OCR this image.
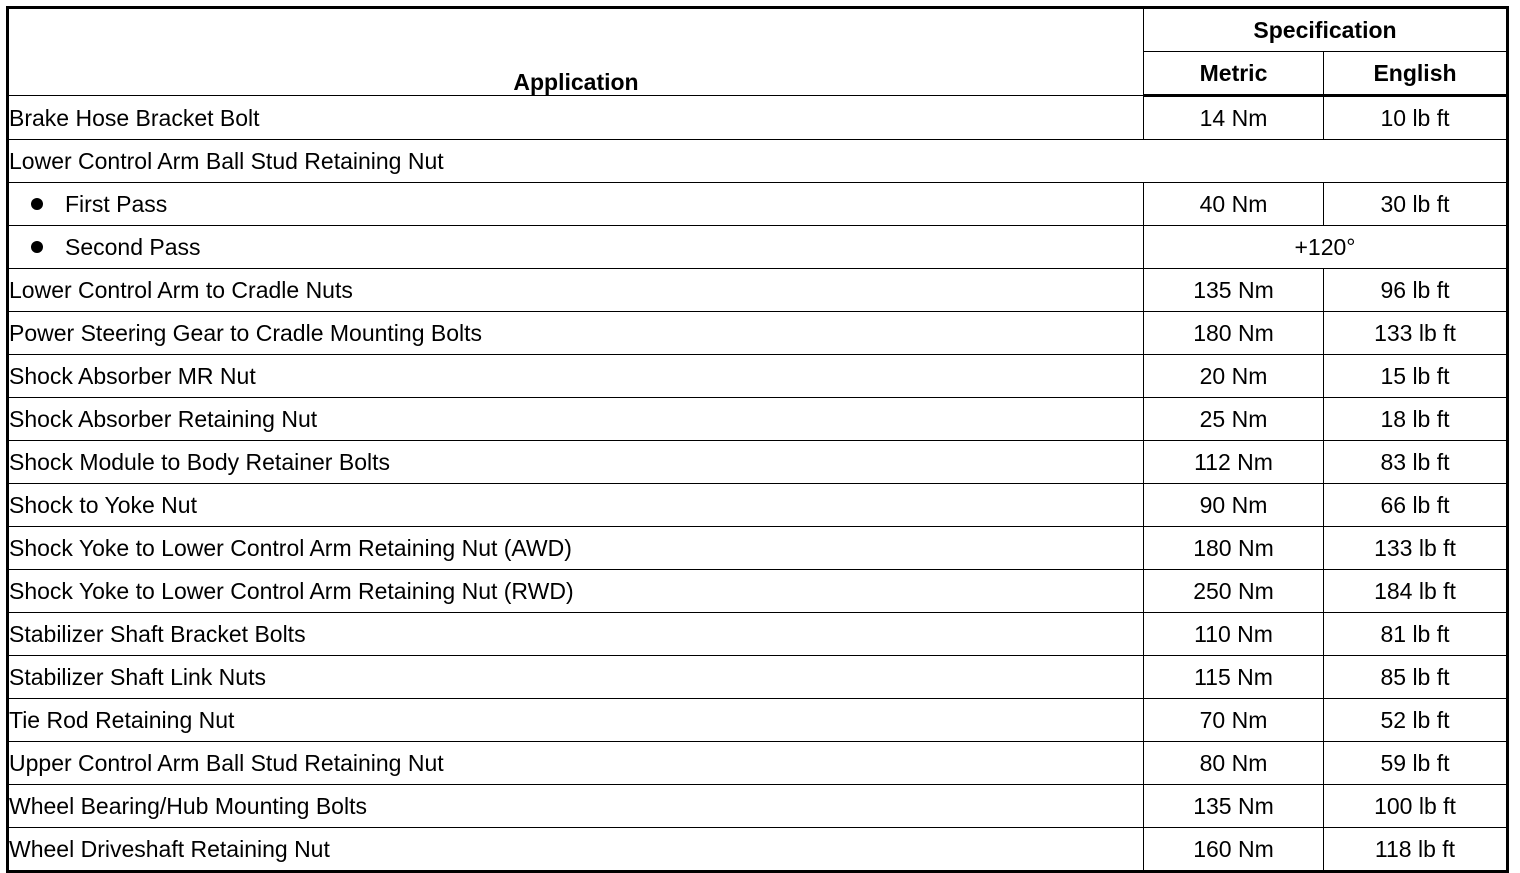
Application	Specification	
	Metric	English
Brake Hose Bracket Bolt	14 Nm	10 lb ft
Lower Control Arm Ball Stud Retaining Nut		
First Pass	40 Nm	30 lb ft
Second Pass	+120°	
Lower Control Arm to Cradle Nuts	135 Nm	96 lb ft
Power Steering Gear to Cradle Mounting Bolts	180 Nm	133 lb ft
Shock Absorber MR Nut	20 Nm	15 lb ft
Shock Absorber Retaining Nut	25 Nm	18 lb ft
Shock Module to Body Retainer Bolts	112 Nm	83 lb ft
Shock to Yoke Nut	90 Nm	66 lb ft
Shock Yoke to Lower Control Arm Retaining Nut (AWD)	180 Nm	133 lb ft
Shock Yoke to Lower Control Arm Retaining Nut (RWD)	250 Nm	184 lb ft
Stabilizer Shaft Bracket Bolts	110 Nm	81 lb ft
Stabilizer Shaft Link Nuts	115 Nm	85 lb ft
Tie Rod Retaining Nut	70 Nm	52 lb ft
Upper Control Arm Ball Stud Retaining Nut	80 Nm	59 lb ft
Wheel Bearing/Hub Mounting Bolts	135 Nm	100 lb ft
Wheel Driveshaft Retaining Nut	160 Nm	118 lb ft
